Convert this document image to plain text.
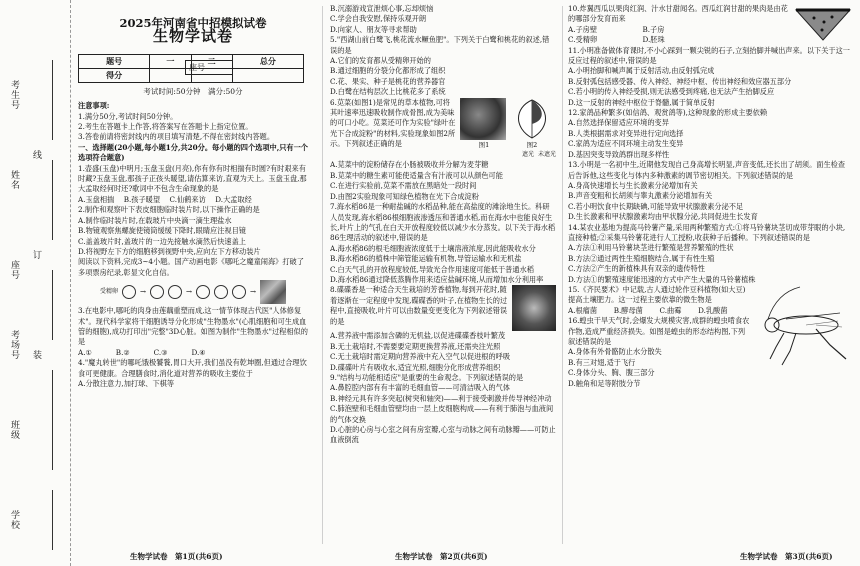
考生号
线
姓名
订
座号
考场号 装
班级
学校
2025年河南省中招模拟试卷
生物学试卷
题号	一	二	总分
得分			
考试时间:50分钟　满分:50分

注意事项:

1.满分50分,考试时间50分钟。

2.考生在答題卡上作答,将答案写在答题卡上指定位置。

3.答卷前请将密封线内的项目填写清楚,不得在密封线内答题。

一、选择题(20小题,每小题1分,共20分。每小题的四个选项中,只有一个选项符合题意)

1.壶盛(玉盘)中明月;玉盘玉盘(月亮),你有你有时相揣有时圆?有时艰来有时藏?玉盘玉盘,那孩子正孩头暖望,请估算来访,直观为天上。玉盘玉盘,那大孟取经何时还?歌词中不包含生命现象的是

A.玉盘相揣　 B.孩子暖望　 C.仙鹤来访　 D.大孟取经

2.制作和观察叶下表皮细胞临时装片时,以下操作正确的是

A.制作临时装片时,在载玻片中央滴一滴生理盐水

B.物镜观察焦螺旋使镜筒缓缓下降时,眼睛应注视目镜

C.盖盖玻片时,盖玻片的一边先接触水滴然后快速盖上

D.将视野左下方的细胞移到视野中央,应向左下方移动装片

阅读以下资料,完成3~4小题。国产动画电影《哪吒之魔童闹海》打破了多项票房纪录,彰显文化自信。

受精卵	→	→	→

3.在电影中,哪吒的肉身由莲藕重塑而成,这一情节体现古代医"人体修复术"。现代科学家将干细胞诱导分化形成"生物墨水"(心肌细胞和可生成血管的细胞),成功打印出"完整"3D心脏。如图为制作"生物墨水"过程相似的是

A.①　　　	B.②　　　	C.③　　　	D.④

4."魔丸转世"的哪吒饿极饕餮,胃口大开,我们虽没有乾坤圈,但通过合理饮食可更健康。合理膳食时,消化道对营养的吸收主要位于

A.分散注意力,加打球、下棋等

生物学试卷　第1页(共6页)

B.沉溺游戏宣泄烦心事,忘却烦恼

C.学会自我安慰,保持乐观开朗

D.向家人、朋友等寻求帮助

5."西湖山前白鹭飞,桃花流水鳜鱼肥"。下列关于白鹭和桃花的叙述,错误的是

A.它们的发育都从受精卵开始的

B.通过细胞的分裂分化都形成了组织

C.花、果实、种子是桃花的营养器官

D.白鹭在结构层次上比桃花多了系统

6.苋菜(如图1)是常见的草本植物,可将其叶速率迅速吸收制作成骨图,成为美味的可口小吃。苋菜还可作为实验"绿叶在光下合成淀粉"的材料,实验现象如图2所示。下列叙述正确的是	图1	图2
遮光 未遮光

A.苋菜中的淀粉储存在小肠被吸收并分解为麦芽糖

B.苋菜中的糖生素可能使适量含有汁液可以从颜色可能

C.在进行实验前,苋菜不需放在黑暗处一段时间

D.由图2实验现象可知绿色植物在光下合成淀粉

7.海水稻86是一种耐盐碱的水稻品种,能在高盐度的滩涂地生长。科研人员发现,海水稻86根细胞液渗透压和普通水稻,而在海水中也能良好生长,叶片上的气孔在白天开放程度较低以减少水分蒸发。以下关于海水稻86生理活动的叙述中,错误的是

A.海水稻86的根毛细胞液浓度低于土壤溶液浓度,因此能吸收水分

B.海水稻86的植株中筛管能运输有机物,导管运输水和无机盐

C.白天气孔的开放程度较低,导致光合作用速度可能低于普通水稻

D.海水稻86通过降低蒸腾作用来适应盐碱环境,从而增加水分利用率

8.碟碟香是一种适合天生栽培的芳香植物,每到开花时,随着逐渐在一定程度中发现,碟碟香的叶子,在植物生长的过程中,直接吸收,叶片可以由数量变更变化为下列叙述错误的是

A.营养液中需添加含磷的无机盐,以促进碟碟香枝叶繁茂

B.无土栽培时,不需要要定期更换营养液,还需央注光照

C.无土栽培时需定期向营养液中充入空气以促进根的呼吸

D.碟碟叶片有吸收水,适宜光照,细胞分化形成营养组织

9."结构与功能相适应"是重要的生命观念。下列叙述错误的是

A.鼻腔腔内部有有丰富的毛细血管——可清洁吸入的气体

B.神经元具有许多突起(树突和轴突)——利于接受刺激并传导神经冲动

C.肺泡壁和毛细血管壁均由一层上皮细胞构成——有利于肺泡与血液间的气体交换

D.心脏的心房与心室之间有房室瓣,心室与动脉之间有动脉瓣——可防止血液倒流

生物学试卷　第2页(共6页)

10.炸翼西瓜以果肉红润、汁水甘甜闻名。西瓜红润甘甜的果肉是由花的哪部分发育而来

A.子房壁　　　　　　	B.子房

C.受精卵　　　　　　	D.胚珠

11.小明准备做体育课时,不小心踩到一颗尖锐的石子,立刻抬脚并喊出声来。以下关于这一反应过程的叙述中,错误的是

A.小明抬脚和喊声属于反射活动,由反射弧完成

B.反射弧包括感受器、传入神经、神经中枢、传出神经和效应器五部分

C.若小明的传入神经受损,则无法感受到疼痛,也无法产生抬脚反应

D.这一反射的神经中枢位于脊髓,属于简单反射

12.家鸽品种繁多(如信鸽、观赏鸽等),这种现象的形成主要依赖

A.自然选择保留适应环境的变异

B.人类根据需求对变异进行定向选择

C.家鸽为适应不同环境主动发生变异

D.基因突变导致鸽群出现多样性

13.小明是一名初中生,近期他发现自己身高增长明显,声音变低,还长出了胡须。面生检查后告诉他,这些变化与体内多种激素的调节密切相关。下列叙述错误的是

A.身高快速增长与生长激素分泌增加有关

B.声音变粗和长胡须与睾丸激素分泌增加有关

C.若小明饮食中长期缺碘,可能导致甲状腺激素分泌不足

D.生长激素和甲状腺激素均由甲状腺分泌,共同促进生长发育

14.某农业基地为提高马铃薯产量,采用两种繁殖方式:①将马铃薯块茎切成带芽眼的小块,直接种植;②采集马铃薯花进行人工授粉,收获种子后播种。下列叙述错误的是

A.方法①利用马铃薯块茎进行繁殖是营养繁殖的性状

B.方法②通过两性生殖细胞结合,属于有性生殖

C.方法②产生的新植株具有双亲的遗传特性

D.方法①的繁殖速度能迅速的方式中产生大量的马铃薯植株

15.《齐民要术》中记载,古人通过轮作豆科植物(如大豆)提高土壤肥力。这一过程主要依靠的微生物是

A.根瘤菌　　 B.酵母菌　　 C.曲霉　　 D.乳酸菌

16.蝗虫干旱天气时,会爆发大规模灾害,成群的蝗虫啃食农作物,造成严重经济损失。如图是蝗虫的形态结构图,下列叙述错误的是

A.身体有外骨骼防止水分散失

B.有三对翅,适于飞行

C.身体分头、胸、腹三部分

D.触角和足等附肢分节

生物学试卷　第3页(共6页)
座号
